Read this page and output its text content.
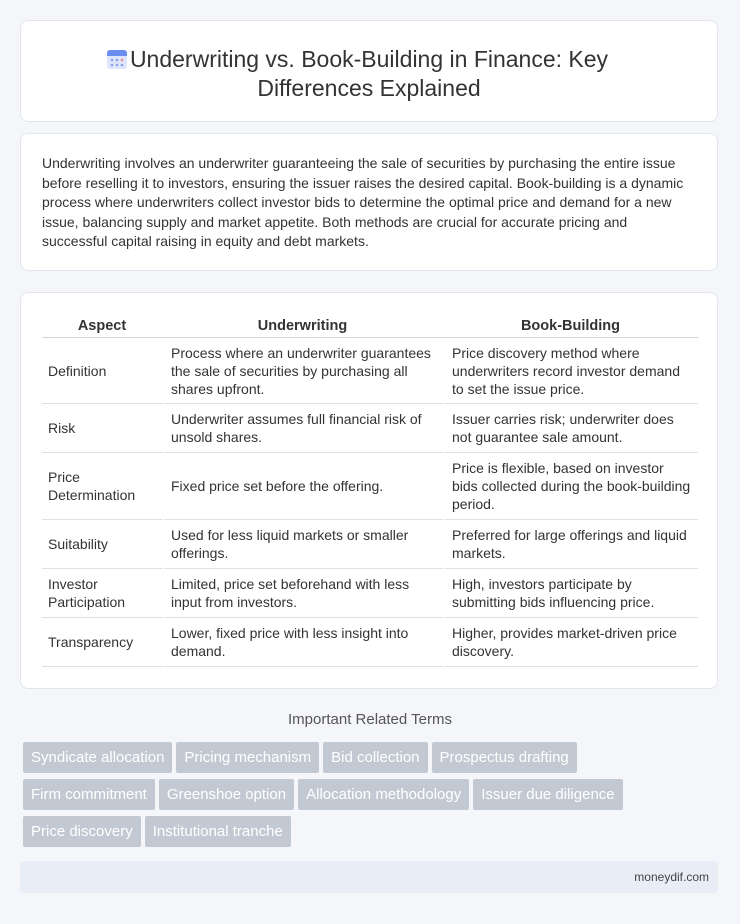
Underwriting vs. Book-Building in Finance: Key Differences Explained
Underwriting involves an underwriter guaranteeing the sale of securities by purchasing the entire issue before reselling it to investors, ensuring the issuer raises the desired capital. Book-building is a dynamic process where underwriters collect investor bids to determine the optimal price and demand for a new issue, balancing supply and market appetite. Both methods are crucial for accurate pricing and successful capital raising in equity and debt markets.
Aspect	Underwriting	Book-Building
Definition	Process where an underwriter guarantees the sale of securities by purchasing all shares upfront.	Price discovery method where underwriters record investor demand to set the issue price.
Risk	Underwriter assumes full financial risk of unsold shares.	Issuer carries risk; underwriter does not guarantee sale amount.
Price Determination	Fixed price set before the offering.	Price is flexible, based on investor bids collected during the book-building period.
Suitability	Used for less liquid markets or smaller offerings.	Preferred for large offerings and liquid markets.
Investor Participation	Limited, price set beforehand with less input from investors.	High, investors participate by submitting bids influencing price.
Transparency	Lower, fixed price with less insight into demand.	Higher, provides market-driven price discovery.
Important Related Terms
Syndicate allocation Pricing mechanism Bid collection Prospectus drafting
Firm commitment Greenshoe option Allocation methodology Issuer due diligence
Price discovery Institutional tranche
moneydif.com
